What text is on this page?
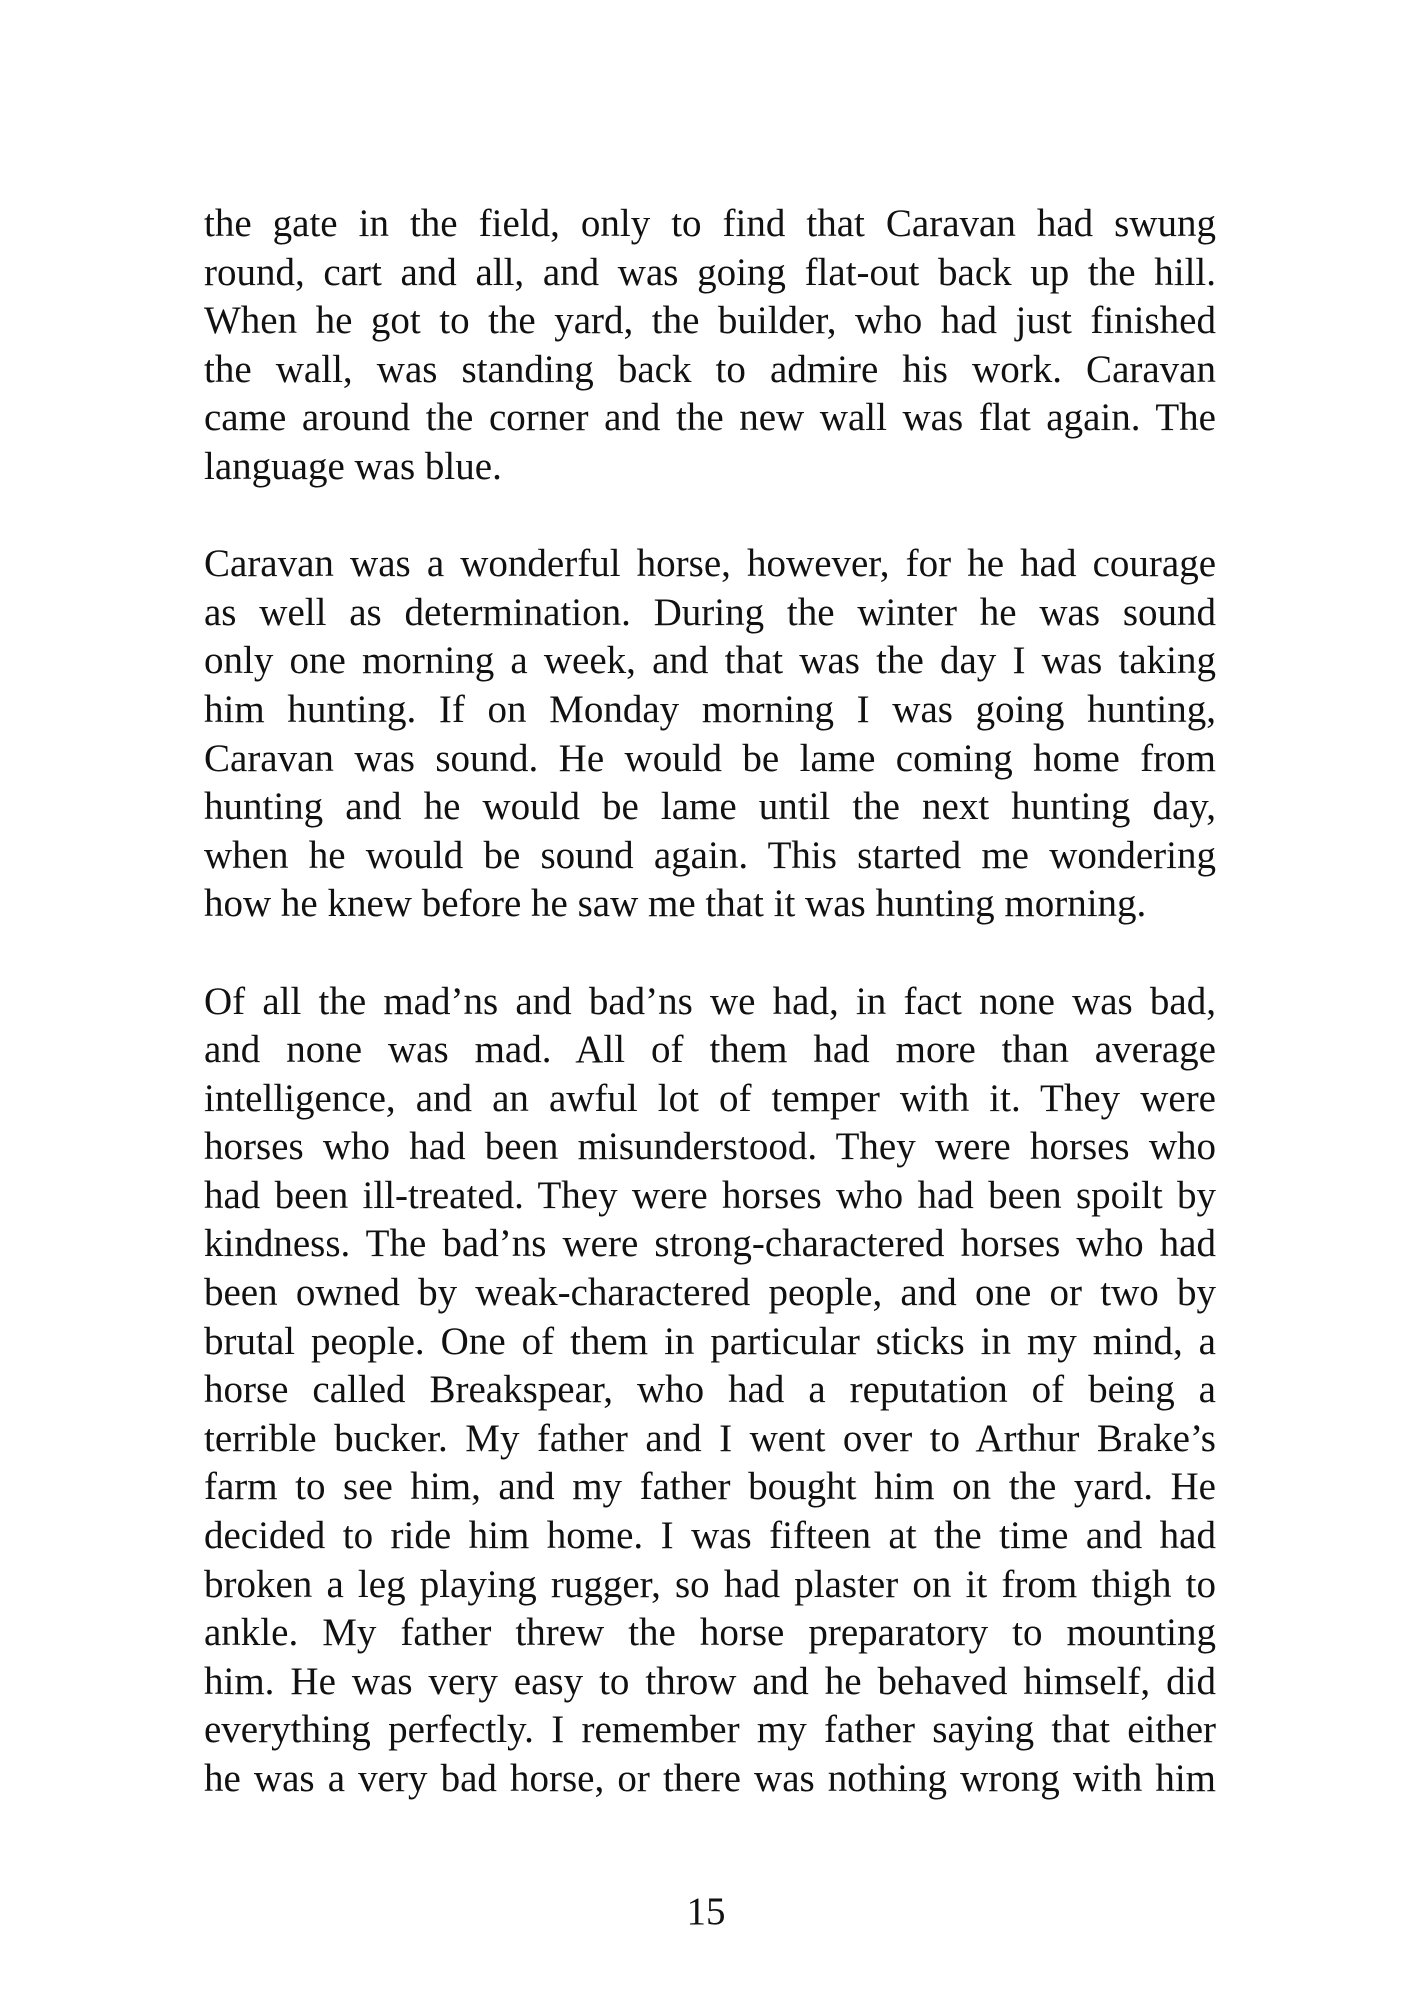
the gate in the field, only to find that Caravan had swung
round, cart and all, and was going flat-out back up the hill.
When he got to the yard, the builder, who had just finished
the wall, was standing back to admire his work. Caravan
came around the corner and the new wall was flat again. The
language was blue.

Caravan was a wonderful horse, however, for he had courage
as well as determination. During the winter he was sound
only one morning a week, and that was the day I was taking
him hunting. If on Monday morning I was going hunting,
Caravan was sound. He would be lame coming home from
hunting and he would be lame until the next hunting day,
when he would be sound again. This started me wondering
how he knew before he saw me that it was hunting morning.

Of all the mad’ns and bad’ns we had, in fact none was bad,
and none was mad. All of them had more than average
intelligence, and an awful lot of temper with it. They were
horses who had been misunderstood. They were horses who
had been ill-treated. They were horses who had been spoilt by
kindness. The bad’ns were strong-charactered horses who had
been owned by weak-charactered people, and one or two by
brutal people. One of them in particular sticks in my mind, a
horse called Breakspear, who had a reputation of being a
terrible bucker. My father and I went over to Arthur Brake’s
farm to see him, and my father bought him on the yard. He
decided to ride him home. I was fifteen at the time and had
broken a leg playing rugger, so had plaster on it from thigh to
ankle. My father threw the horse preparatory to mounting
him. He was very easy to throw and he behaved himself, did
everything perfectly. I remember my father saying that either
he was a very bad horse, or there was nothing wrong with him

15
